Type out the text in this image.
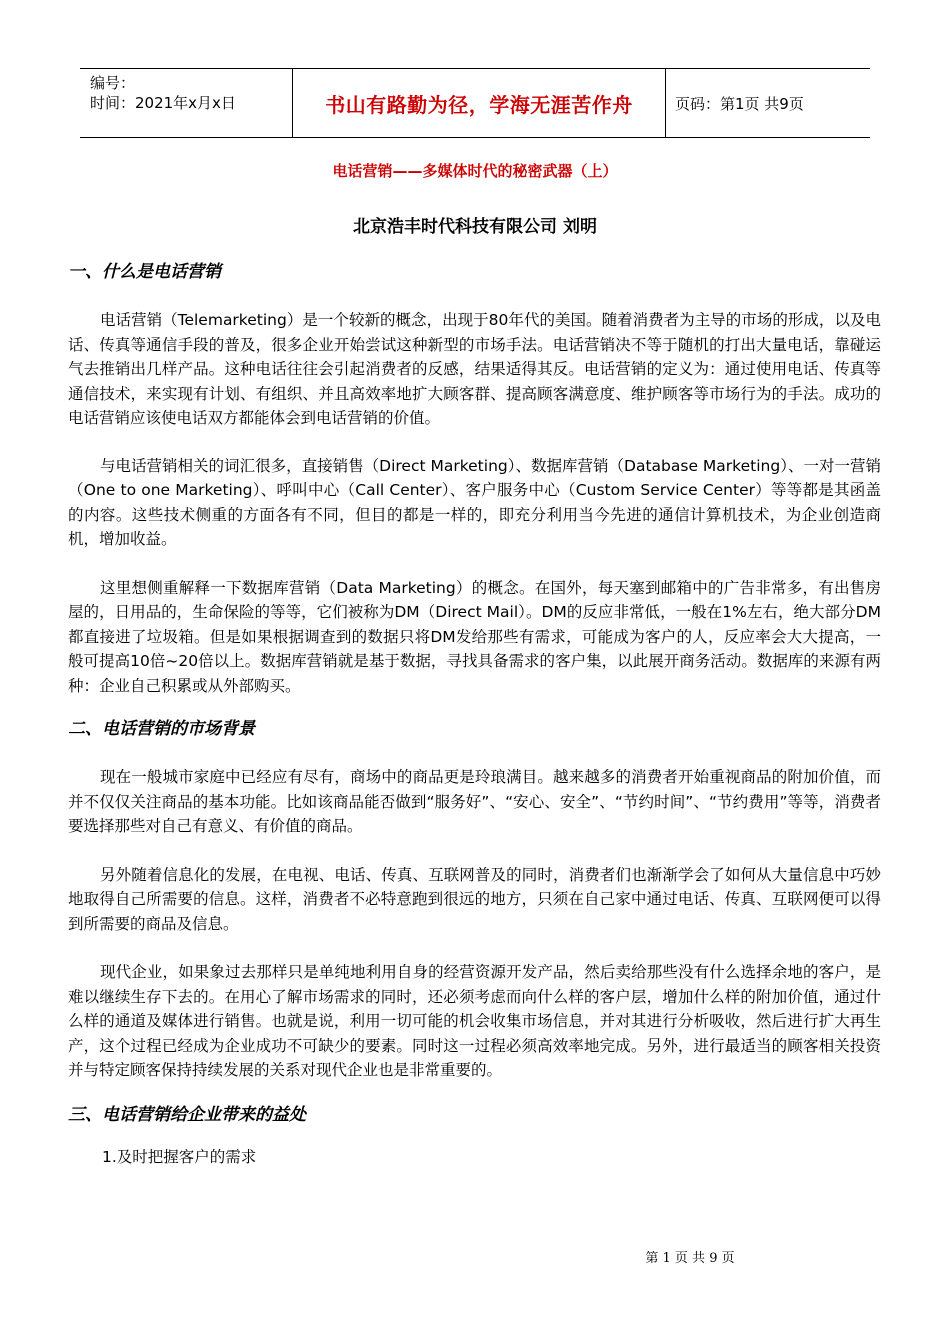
编号：
时间：2021年x月x日	书山有路勤为径，学海无涯苦作舟	页码：第1页 共9页
电话营销——多媒体时代的秘密武器（上）
北京浩丰时代科技有限公司 刘明

一、什么是电话营销

电话营销（Telemarketing）是一个较新的概念，出现于80年代的美国。随着消费者为主导的市场的形成，以及电话、传真等通信手段的普及，很多企业开始尝试这种新型的市场手法。电话营销决不等于随机的打出大量电话，靠碰运气去推销出几样产品。这种电话往往会引起消费者的反感，结果适得其反。电话营销的定义为：通过使用电话、传真等通信技术，来实现有计划、有组织、并且高效率地扩大顾客群、提高顾客满意度、维护顾客等市场行为的手法。成功的电话营销应该使电话双方都能体会到电话营销的价值。

与电话营销相关的词汇很多，直接销售（Direct Marketing）、数据库营销（Database Marketing）、一对一营销（One to one Marketing）、呼叫中心（Call Center）、客户服务中心（Custom Service Center）等等都是其函盖的内容。这些技术侧重的方面各有不同，但目的都是一样的，即充分利用当今先进的通信计算机技术，为企业创造商机，增加收益。

这里想侧重解释一下数据库营销（Data Marketing）的概念。在国外，每天塞到邮箱中的广告非常多，有出售房屋的，日用品的，生命保险的等等，它们被称为DM（Direct Mail）。DM的反应非常低，一般在1%左右，绝大部分DM都直接进了垃圾箱。但是如果根据调查到的数据只将DM发给那些有需求，可能成为客户的人，反应率会大大提高，一般可提高10倍~20倍以上。数据库营销就是基于数据，寻找具备需求的客户集，以此展开商务活动。数据库的来源有两种：企业自己积累或从外部购买。

二、电话营销的市场背景

现在一般城市家庭中已经应有尽有，商场中的商品更是玲琅满目。越来越多的消费者开始重视商品的附加价值，而并不仅仅关注商品的基本功能。比如该商品能否做到“服务好”、“安心、安全”、“节约时间”、“节约费用”等等，消费者要选择那些对自己有意义、有价值的商品。

另外随着信息化的发展，在电视、电话、传真、互联网普及的同时，消费者们也渐渐学会了如何从大量信息中巧妙地取得自己所需要的信息。这样，消费者不必特意跑到很远的地方，只须在自己家中通过电话、传真、互联网便可以得到所需要的商品及信息。

现代企业，如果象过去那样只是单纯地利用自身的经营资源开发产品，然后卖给那些没有什么选择余地的客户，是难以继续生存下去的。在用心了解市场需求的同时，还必须考虑而向什么样的客户层，增加什么样的附加价值，通过什么样的通道及媒体进行销售。也就是说，利用一切可能的机会收集市场信息，并对其进行分析吸收，然后进行扩大再生产，这个过程已经成为企业成功不可缺少的要素。同时这一过程必须高效率地完成。另外，进行最适当的顾客相关投资并与特定顾客保持持续发展的关系对现代企业也是非常重要的。

三、电话营销给企业带来的益处

1.及时把握客户的需求

第 1 页 共 9 页
